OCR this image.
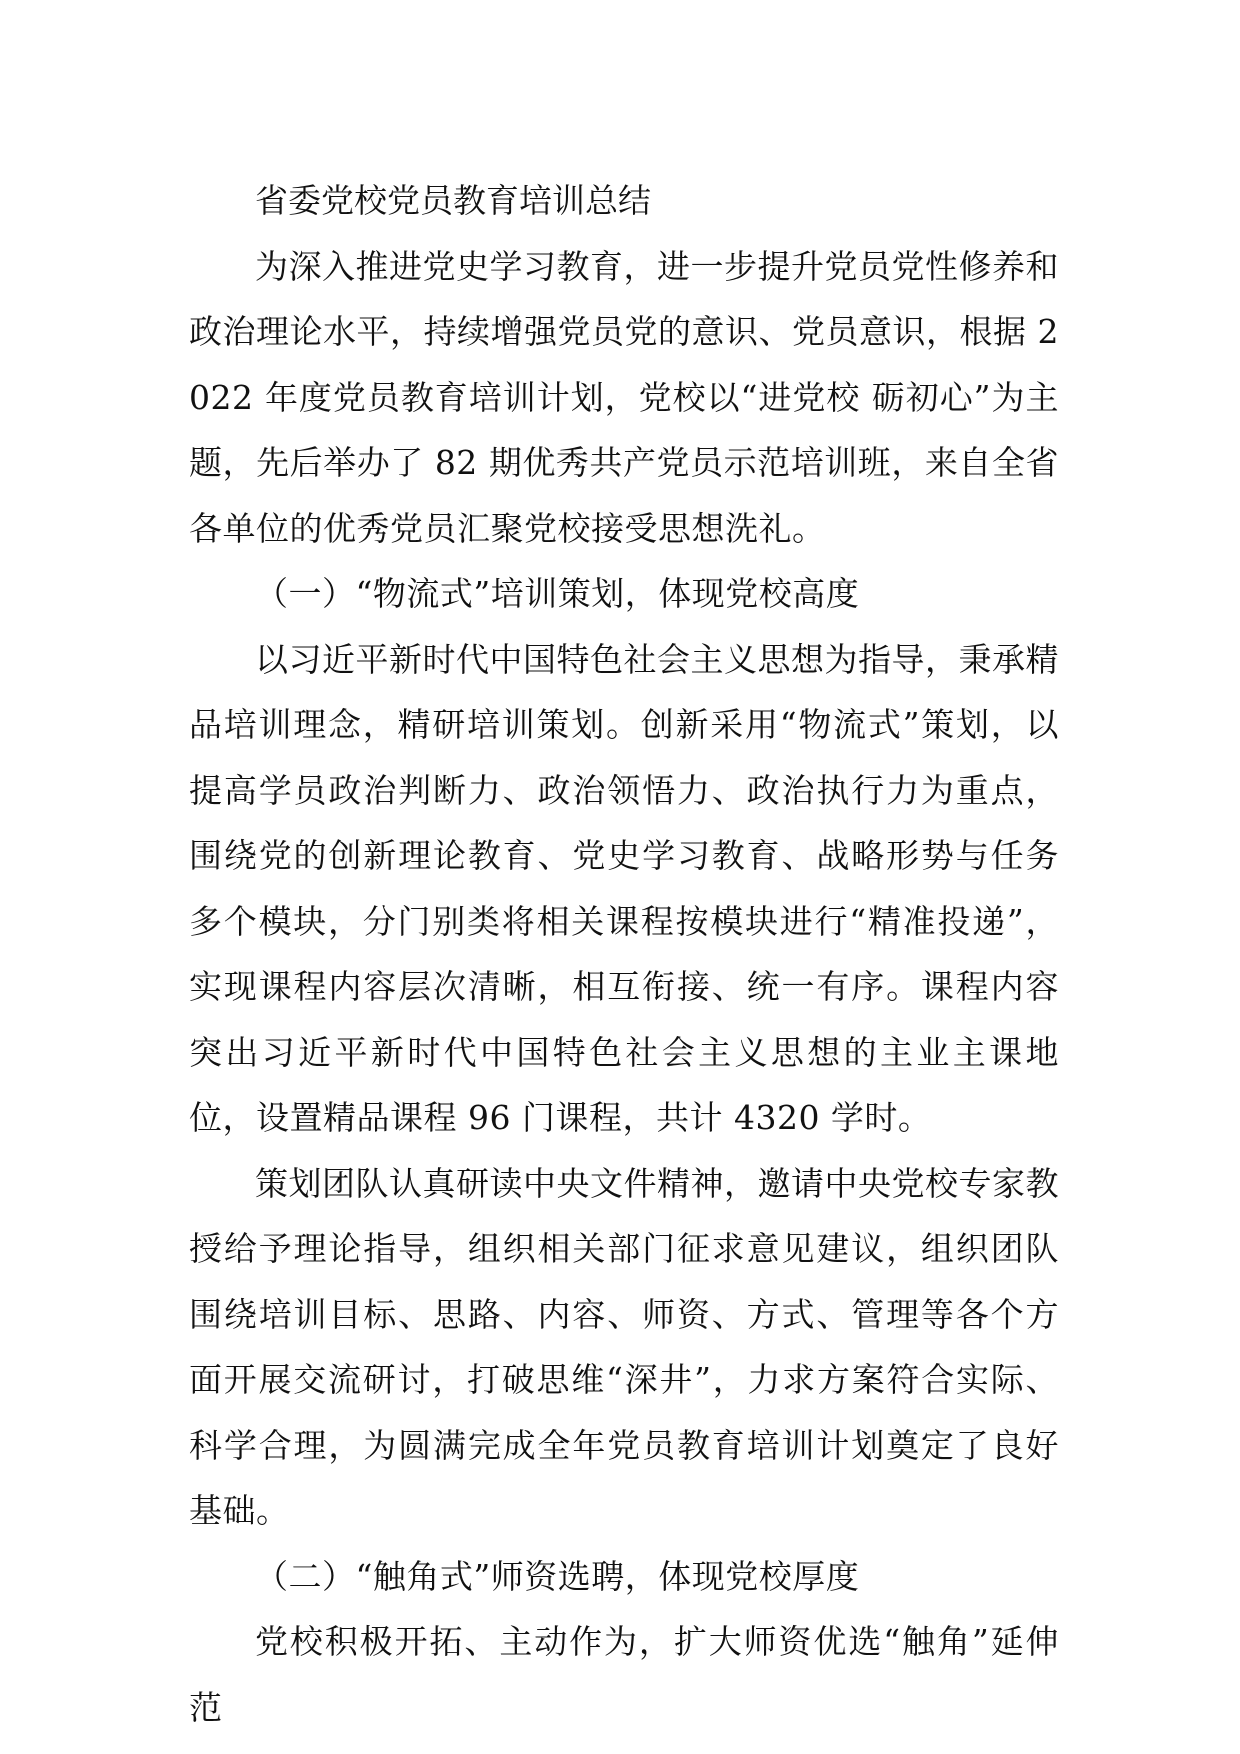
省委党校党员教育培训总结

为深入推进党史学习教育，进一步提升党员党性修养和政治理论水平，持续增强党员党的意识、党员意识，根据 2022 年度党员教育培训计划，党校以“进党校 砺初心”为主题，先后举办了 82 期优秀共产党员示范培训班，来自全省各单位的优秀党员汇聚党校接受思想洗礼。

（一）“物流式”培训策划，体现党校高度

以习近平新时代中国特色社会主义思想为指导，秉承精品培训理念，精研培训策划。创新采用“物流式”策划，以提高学员政治判断力、政治领悟力、政治执行力为重点，围绕党的创新理论教育、党史学习教育、战略形势与任务多个模块，分门别类将相关课程按模块进行“精准投递”，实现课程内容层次清晰，相互衔接、统一有序。课程内容突出习近平新时代中国特色社会主义思想的主业主课地位，设置精品课程 96 门课程，共计 4320 学时。

策划团队认真研读中央文件精神，邀请中央党校专家教授给予理论指导，组织相关部门征求意见建议，组织团队围绕培训目标、思路、内容、师资、方式、管理等各个方面开展交流研讨，打破思维“深井”，力求方案符合实际、科学合理，为圆满完成全年党员教育培训计划奠定了良好基础。

（二）“触角式”师资选聘，体现党校厚度

党校积极开拓、主动作为，扩大师资优选“触角”延伸范
